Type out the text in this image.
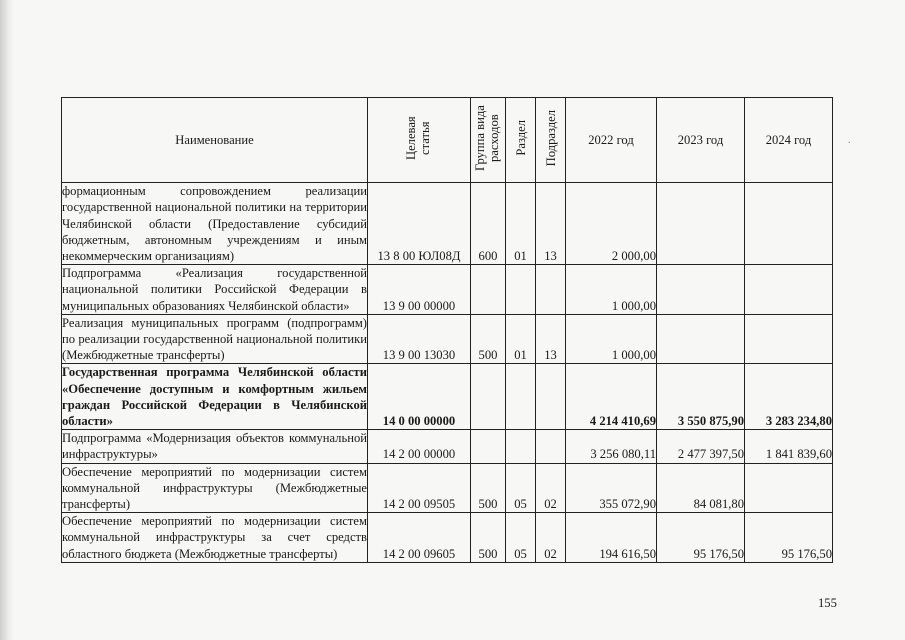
.
Наименование	Целевая статья	Группа вида расходов	Раздел	Подраздел	2022 год	2023 год	2024 год
формационным сопровождением реализации государственной национальной политики на территории Челябинской области (Предоставление субсидий бюджетным, автономным учреждениям и иным некоммерческим организациям)	13 8 00 ЮЛ08Д	600	01	13	2 000,00		
Подпрограмма «Реализация государственной национальной политики Российской Федерации в муниципальных образованиях Челябинской области»	13 9 00 00000				1 000,00		
Реализация муниципальных программ (подпрограмм) по реализации государственной национальной политики (Межбюджетные трансферты)	13 9 00 13030	500	01	13	1 000,00		
Государственная программа Челябинской области «Обеспечение доступным и комфортным жильем граждан Российской Федерации в Челябинской области»	14 0 00 00000				4 214 410,69	3 550 875,90	3 283 234,80
Подпрограмма «Модернизация объектов коммунальной инфраструктуры»	14 2 00 00000				3 256 080,11	2 477 397,50	1 841 839,60
Обеспечение мероприятий по модернизации систем коммунальной инфраструктуры (Межбюджетные трансферты)	14 2 00 09505	500	05	02	355 072,90	84 081,80	
Обеспечение мероприятий по модернизации систем коммунальной инфраструктуры за счет средств областного бюджета (Межбюджетные трансферты)	14 2 00 09605	500	05	02	194 616,50	95 176,50	95 176,50
155
